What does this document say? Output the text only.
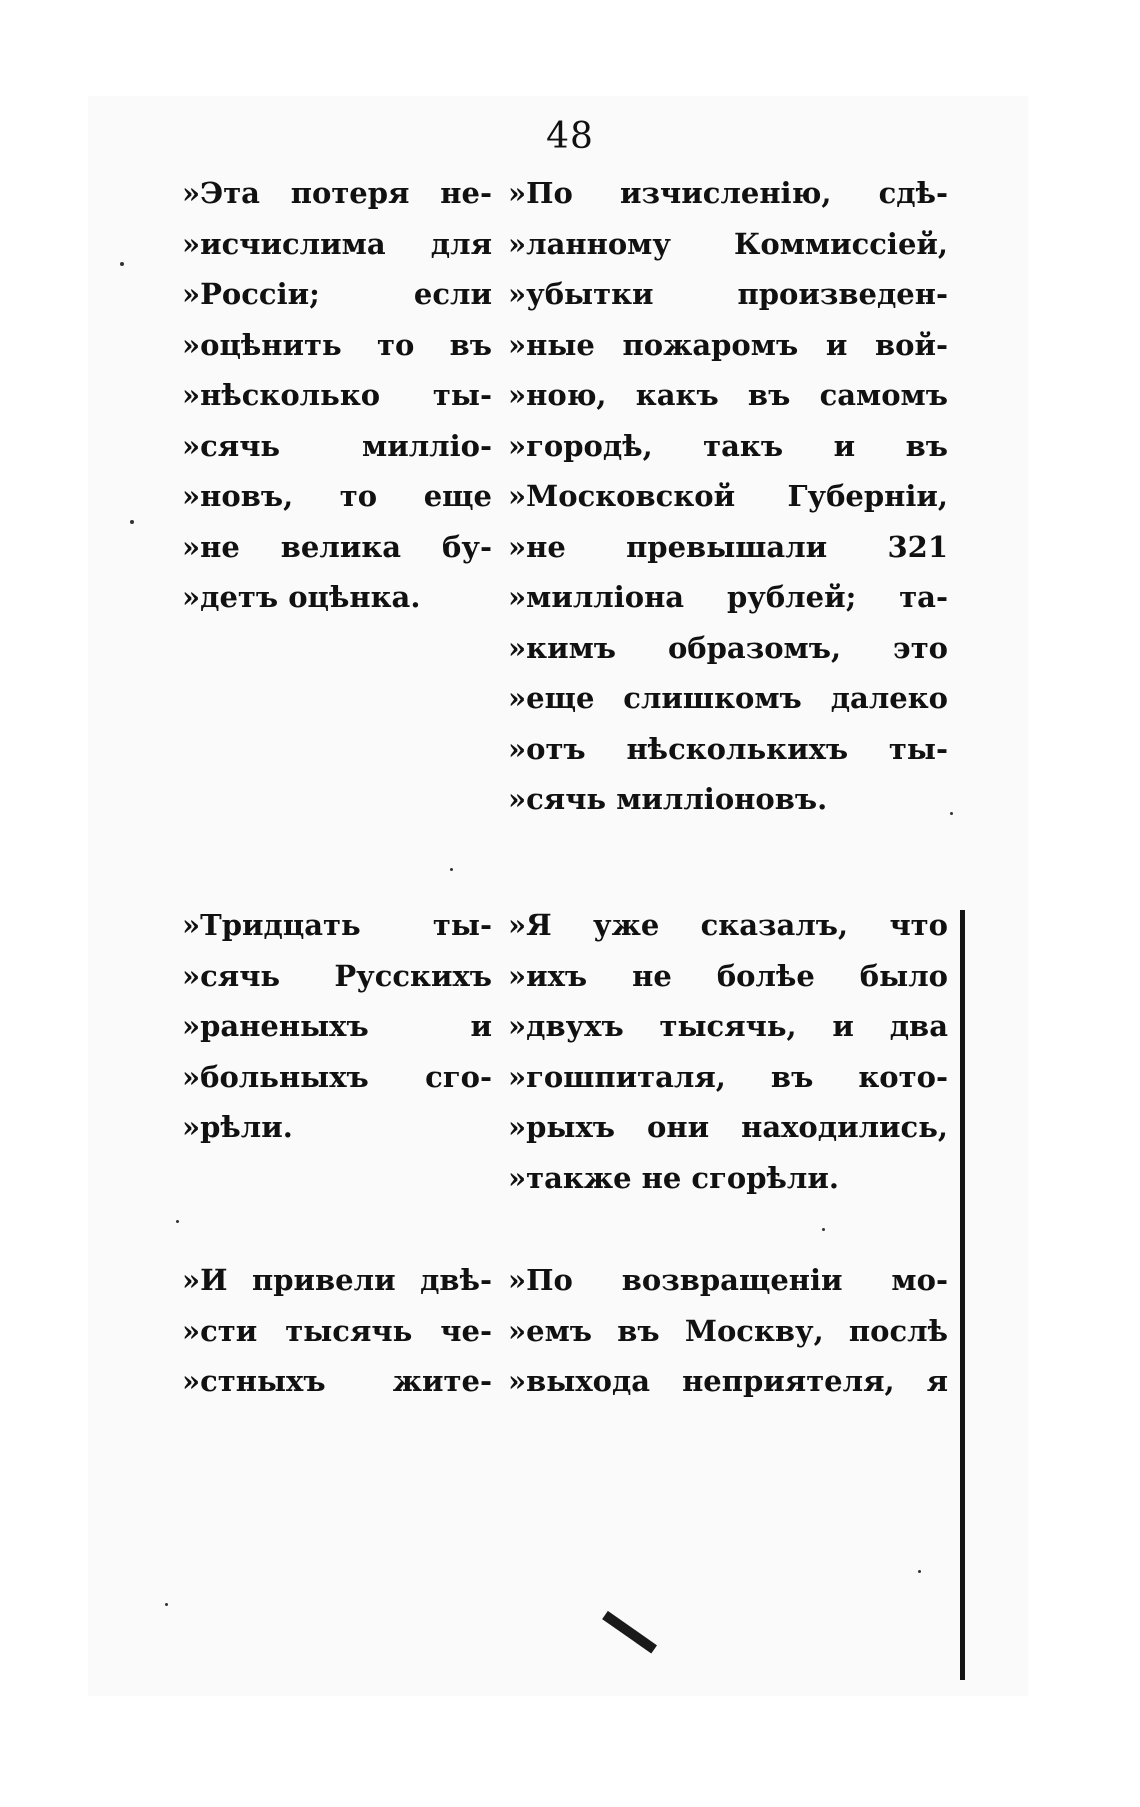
48
»Эта потеря не-
»исчислима для
»Россіи; если
»оцѣнить то въ
»нѣсколько ты-
»сячь милліо-
»новъ, то еще
»не велика бу-
»детъ оцѣнка.
»По изчисленію, сдѣ-
»ланному Коммиссіей,
»убытки произведен-
»ные пожаромъ и вой-
»ною, какъ въ самомъ
»городѣ, такъ и въ
»Московской Губерніи,
»не превышали 321
»милліона рублей; та-
»кимъ образомъ, это
»еще слишкомъ далеко
»отъ нѣсколькихъ ты-
»сячь милліоновъ.
»Тридцать ты-
»сячь Русскихъ
»раненыхъ и
»больныхъ сго-
»рѣли.
»Я уже сказалъ, что
»ихъ не болѣе было
»двухъ тысячь, и два
»гошпиталя, въ кото-
»рыхъ они находились,
»также не сгорѣли.
»И привели двѣ-
»сти тысячь че-
»стныхъ жите-
»По возвращеніи мо-
»емъ въ Москву, послѣ
»выхода неприятеля, я
